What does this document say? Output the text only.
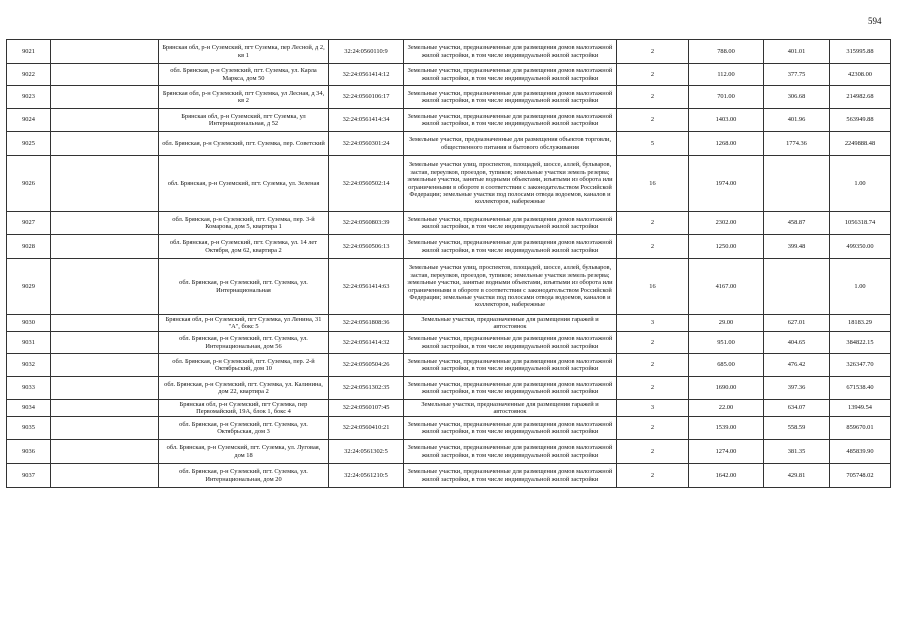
594
9021		Брянская обл, р-н Суземский, пгт Суземка, пер Лесной, д 2, кв 1	32:24:0560110:9	Земельные участки, предназначенные для размещения домов малоэтажной жилой застройки, в том числе индивидуальной жилой застройки	2	788.00	401.01	315995.88
9022		обл. Брянская, р-н Суземский, пгт. Суземка, ул. Карла Маркса, дом 50	32:24:0561414:12	Земельные участки, предназначенные для размещения домов малоэтажной жилой застройки, в том числе индивидуальной жилой застройки	2	112.00	377.75	42308.00
9023		Брянская обл, р-н Суземский, пгт Суземка, ул Лесная, д 34, кв 2	32:24:0560106:17	Земельные участки, предназначенные для размещения домов малоэтажной жилой застройки, в том числе индивидуальной жилой застройки	2	701.00	306.68	214982.68
9024		Брянская обл, р-н Суземский, пгт Суземка, ул Интернациональная, д 52	32:24:0561414:34	Земельные участки, предназначенные для размещения домов малоэтажной жилой застройки, в том числе индивидуальной жилой застройки	2	1403.00	401.96	563949.88
9025		обл. Брянская, р-н Суземский, пгт. Суземка, пер. Советский	32:24:0560301:24	Земельные участки, предназначенные для размещения объектов торговли, общественного питания и бытового обслуживания	5	1268.00	1774.36	2249888.48
9026		обл. Брянская, р-н Суземский, пгт. Суземка, ул. Зеленая	32:24:0560502:14	Земельные участки улиц, проспектов, площадей, шоссе, аллей, бульваров, застав, переулков, проездов, тупиков; земельные участки земель резерва; земельные участки, занятые водными объектами, изъятыми из оборота или ограниченными в обороте в соответствии с законодательством Российской Федерации; земельные участки под полосами отвода водоемов, каналов и коллекторов, набережные	16	1974.00		1.00
9027		обл. Брянская, р-н Суземский, пгт. Суземка, пер. 3-й Комарова, дом 5, квартира 1	32:24:0560803:39	Земельные участки, предназначенные для размещения домов малоэтажной жилой застройки, в том числе индивидуальной жилой застройки	2	2302.00	458.87	1056318.74
9028		обл. Брянская, р-н Суземский, пгт. Суземка, ул. 14 лет Октября, дом 62, квартира 2	32:24:0560506:13	Земельные участки, предназначенные для размещения домов малоэтажной жилой застройки, в том числе индивидуальной жилой застройки	2	1250.00	399.48	499350.00
9029		обл. Брянская, р-н Суземский, пгт. Суземка, ул. Интернациональная	32:24:0561414:63	Земельные участки улиц, проспектов, площадей, шоссе, аллей, бульваров, застав, переулков, проездов, тупиков; земельные участки земель резерва; земельные участки, занятые водными объектами, изъятыми из оборота или ограниченными в обороте в соответствии с законодательством Российской Федерации; земельные участки под полосами отвода водоемов, каналов и коллекторов, набережные	16	4167.00		1.00
9030		Брянская обл, р-н Суземский, пгт Суземка, ул Ленина, 31 "А", бокс 5	32:24:0561808:36	Земельные участки, предназначенные для размещения гаражей и автостоянок	3	29.00	627.01	18183.29
9031		обл. Брянская, р-н Суземский, пгт. Суземка, ул. Интернациональная, дом 56	32:24:0561414:32	Земельные участки, предназначенные для размещения домов малоэтажной жилой застройки, в том числе индивидуальной жилой застройки	2	951.00	404.65	384822.15
9032		обл. Брянская, р-н Суземский, пгт. Суземка, пер. 2-й Октябрьский, дом 10	32:24:0560504:26	Земельные участки, предназначенные для размещения домов малоэтажной жилой застройки, в том числе индивидуальной жилой застройки	2	685.00	476.42	326347.70
9033		обл. Брянская, р-н Суземский, пгт. Суземка, ул. Калинина, дом 22, квартира 2	32:24:0561302:35	Земельные участки, предназначенные для размещения домов малоэтажной жилой застройки, в том числе индивидуальной жилой застройки	2	1690.00	397.36	671538.40
9034		Брянская обл, р-н Суземский, пгт Суземка, пер Первомайский, 19А, блок 1, бокс 4	32:24:0560107:45	Земельные участки, предназначенные для размещения гаражей и автостоянок	3	22.00	634.07	13949.54
9035		обл. Брянская, р-н Суземский, пгт. Суземка, ул. Октябрьская, дом 3	32:24:0560410:21	Земельные участки, предназначенные для размещения домов малоэтажной жилой застройки, в том числе индивидуальной жилой застройки	2	1539.00	558.59	859670.01
9036		обл. Брянская, р-н Суземский, пгт. Суземка, ул. Луговая, дом 18	32:24:0561302:5	Земельные участки, предназначенные для размещения домов малоэтажной жилой застройки, в том числе индивидуальной жилой застройки	2	1274.00	381.35	485839.90
9037		обл. Брянская, р-н Суземский, пгт. Суземка, ул. Интернациональная, дом 20	32:24:0561210:5	Земельные участки, предназначенные для размещения домов малоэтажной жилой застройки, в том числе индивидуальной жилой застройки	2	1642.00	429.81	705748.02
